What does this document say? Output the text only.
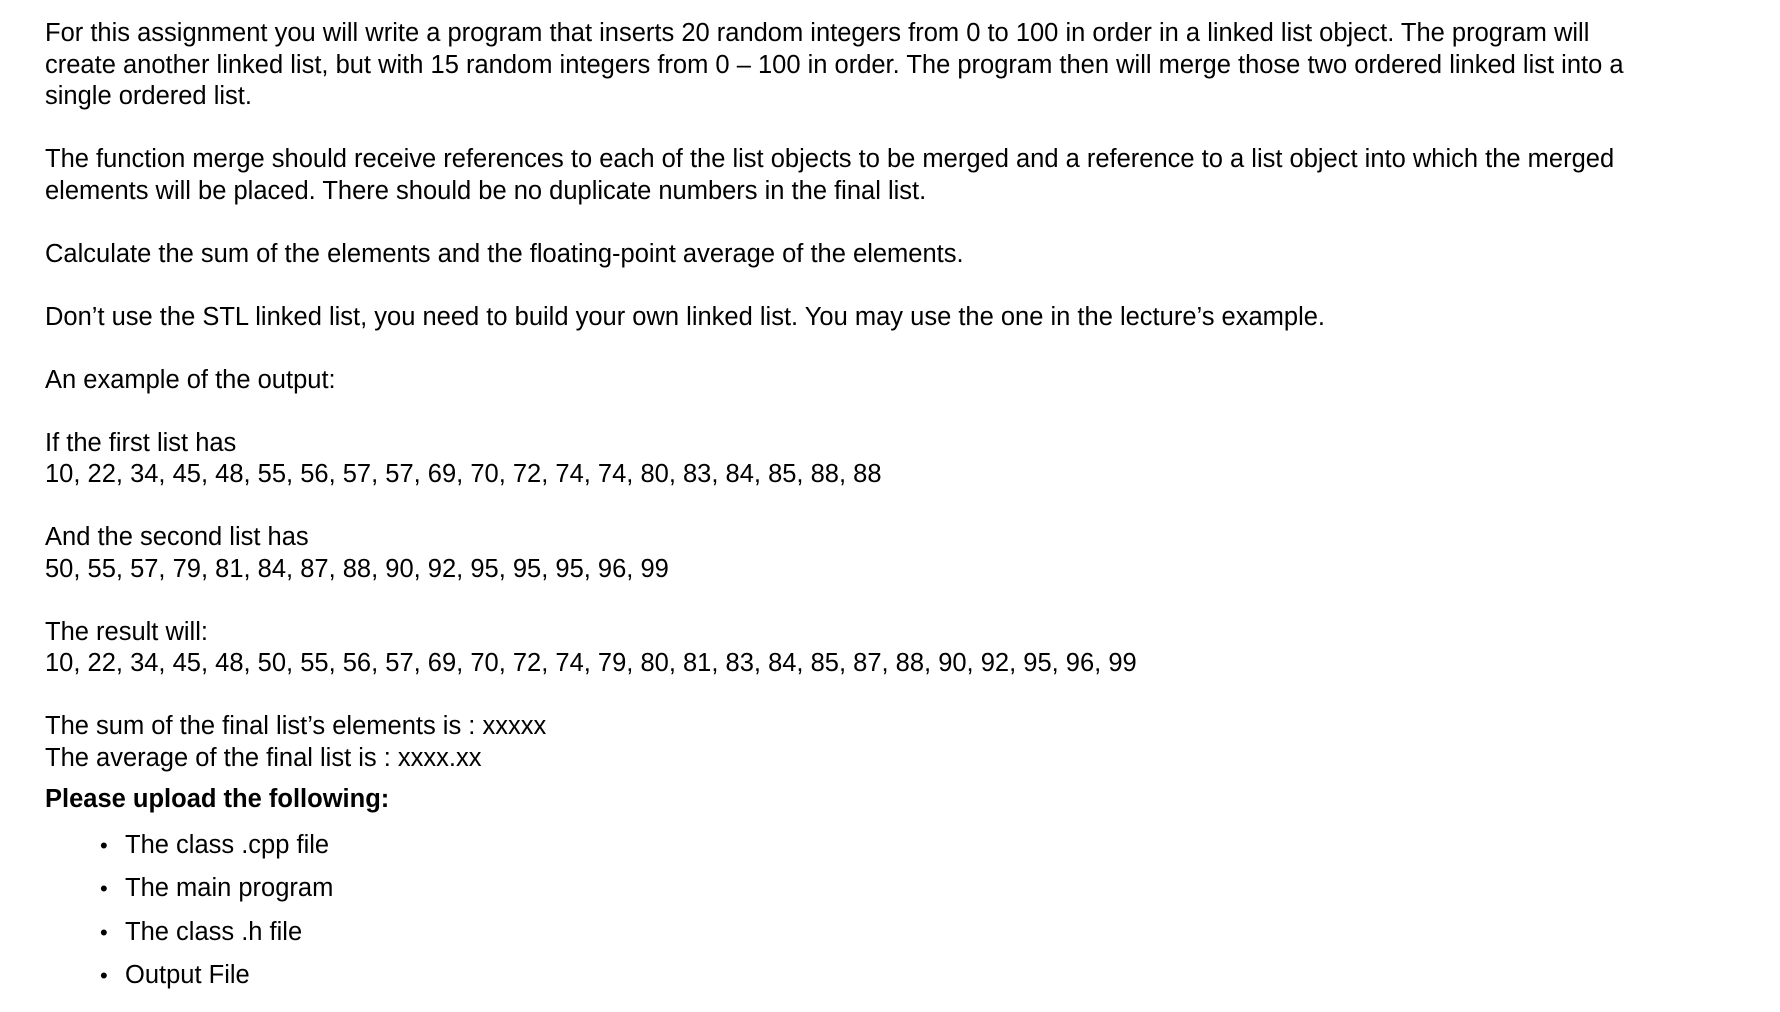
For this assignment you will write a program that inserts 20 random integers from 0 to 100 in order in a linked list object. The program will
create another linked list, but with 15 random integers from 0 – 100 in order. The program then will merge those two ordered linked list into a
single ordered list.

The function merge should receive references to each of the list objects to be merged and a reference to a list object into which the merged
elements will be placed. There should be no duplicate numbers in the final list.

Calculate the sum of the elements and the floating-point average of the elements.

Don’t use the STL linked list, you need to build your own linked list. You may use the one in the lecture’s example.

An example of the output:

If the first list has
10, 22, 34, 45, 48, 55, 56, 57, 57, 69, 70, 72, 74, 74, 80, 83, 84, 85, 88, 88

And the second list has
50, 55, 57, 79, 81, 84, 87, 88, 90, 92, 95, 95, 95, 96, 99

The result will:
10, 22, 34, 45, 48, 50, 55, 56, 57, 69, 70, 72, 74, 79, 80, 81, 83, 84, 85, 87, 88, 90, 92, 95, 96, 99

The sum of the final list’s elements is : xxxxx
The average of the final list is : xxxx.xx

Please upload the following:
• The class .cpp file
• The main program
• The class .h file
• Output File
